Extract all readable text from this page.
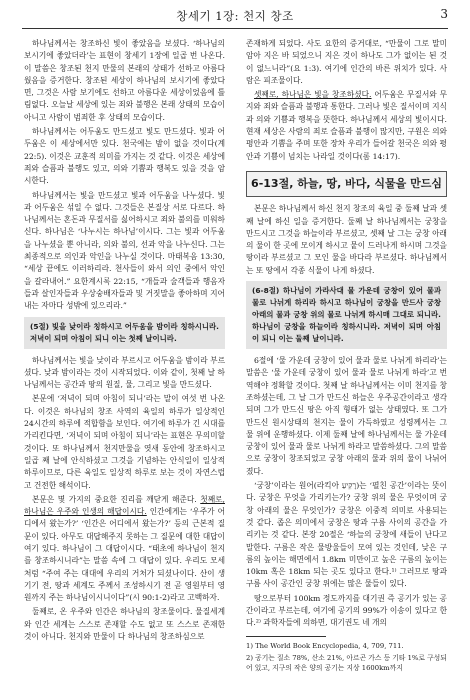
창세기 1장: 천지 창조	3

하나님께서는 창조하신 빛이 좋았음을 보셨다. ‘하나님의 보시기에 좋았더라’는 표현이 창세기 1장에 일곱 번 나온다. 이 말씀은 창조된 천지 만물의 본래의 상태가 선하고 아름다웠음을 증거한다. 창조된 세상이 하나님의 보시기에 좋았다면, 그것은 사람 보기에도 선하고 아름다운 세상이었음에 틀림없다. 오늘날 세상에 있는 죄와 불행은 본래 상태의 모습이 아니고 사람이 범죄한 후 상태의 모습이다.

하나님께서는 어두움도 만드셨고 빛도 만드셨다. 빛과 어두움은 이 세상에서만 있다. 천국에는 밤이 없을 것이다(계 22:5). 이것은 교훈적 의미를 가지는 것 같다. 이것은 세상에 죄와 슬픔과 불행도 있고, 의와 기쁨과 행복도 있을 것을 암시한다.

하나님께서는 빛을 만드셨고 빛과 어두움을 나누셨다. 빛과 어두움은 섞일 수 없다. 그것들은 본질상 서로 다르다. 하나님께서는 혼돈과 무질서를 싫어하시고 죄와 불의를 미워하신다. 하나님은 ‘나누시는 하나님’이시다. 그는 빛과 어두움을 나누셨을 뿐 아니라, 의와 불의, 선과 악을 나누신다. 그는 최종적으로 의인과 악인을 나누실 것이다. 마태복음 13:30, “세상 끝에도 이러하리라. 천사들이 와서 의인 중에서 악인을 갈라내어.” 요한계시록 22:15, “개들과 술객들과 행음자들과 살인자들과 우상숭배자들과 및 거짓말을 좋아하며 지어내는 자마다 성밖에 있으리라.”

(5절) 빛을 낮이라 칭하시고 어두움을 밤이라 칭하시니라. 저녁이 되며 아침이 되니 이는 첫째 날이니라.

하나님께서는 빛을 낮이라 부르시고 어두움을 밤이라 부르셨다. 낮과 밤이라는 것이 시작되었다. 이와 같이, 첫째 날 하나님께서는 공간과 땅의 원질, 물, 그리고 빛을 만드셨다.

본문에 ‘저녁이 되며 아침이 되니’라는 말이 여섯 번 나온다. 이것은 하나님의 창조 사역의 육일의 하루가 일상적인 24시간의 하루에 적합함을 보인다. 여기에 하루가 긴 시대를 가리킨다면, ‘저녁이 되며 아침이 되니’라는 표현은 무의미할 것이다. 또 하나님께서 천지만물을 엿새 동안에 창조하시고 일곱 째 날에 안식하셨고 그것을 기념하는 안식일이 일상적 하루이므로, 다른 육일도 일상적 하루로 보는 것이 자연스럽고 건전한 해석이다.

본문은 몇 가지의 중요한 진리를 깨닫게 해준다. 첫째로, 하나님은 우주와 인생의 해답이시다. 인간에게는 ‘우주가 어디에서 왔는가?’ ‘인간은 어디에서 왔는가?’ 등의 근본적 질문이 있다. 아무도 대답해주지 못하는 그 질문에 대한 대답이 여기 있다. 하나님이 그 대답이시다. “태초에 하나님이 천지를 창조하시니라”는 말씀 속에 그 대답이 있다. 우리도 모세처럼 “주여 주는 대대에 우리의 거처가 되셨나이다. 산이 생기기 전, 땅과 세계도 주께서 조성하시기 전 곧 영원부터 영원까지 주는 하나님이시니이다”(시 90:1-2)라고 고백하자.

둘째로, 온 우주와 인간은 하나님의 창조물이다. 물질세계와 인간 세계는 스스로 존재할 수도 없고 또 스스로 존재한 것이 아니다. 천지와 만물이 다 하나님의 창조하심으로

존재하게 되었다. 사도 요한의 증거대로, “만물이 그로 말미암아 지은 바 되었으니 지은 것이 하나도 그가 없이는 된 것이 없느니라”(요 1:3). 여기에 인간의 바른 위치가 있다. 사람은 피조물이다.

셋째로, 하나님은 빛을 창조하셨다. 어두움은 무질서와 무지와 죄와 슬픔과 불행과 통한다. 그러나 빛은 질서이며 지식과 의와 기쁨과 행복을 뜻한다. 하나님께서 세상의 빛이시다. 현재 세상은 사람의 죄로 슬픔과 불행이 많지만, 구원은 의와 평안과 기쁨을 주며 또한 장차 우리가 들어갈 천국은 의와 평안과 기쁨이 넘치는 나라일 것이다(롬 14:17).

6-13절, 하늘, 땅, 바다, 식물을 만드심

본문은 하나님께서 하신 천지 창조의 육일 중 둘째 날과 셋째 날에 하신 일을 증거한다. 둘째 날 하나님께서는 궁창을 만드시고 그것을 하늘이라 부르셨고, 셋째 날 그는 궁창 아래의 물이 한 곳에 모이게 하시고 뭍이 드러나게 하시며 그것을 땅이라 부르셨고 그 모인 물을 바다라 부르셨다. 하나님께서는 또 땅에서 각종 식물이 나게 하셨다.

(6-8절) 하나님이 가라사대 물 가운데 궁창이 있어 물과 물로 나뉘게 하리라 하시고 하나님이 궁창을 만드사 궁창 아래의 물과 궁창 위의 물로 나뉘게 하시매 그대로 되니라. 하나님이 궁창을 하늘이라 칭하시니라. 저녁이 되며 아침이 되니 이는 둘째 날이니라.

6절에 ‘물 가운데 궁창이 있어 물과 물로 나뉘게 하리라’는 말씀은 ‘물 가운데 궁창이 있어 물과 물로 나뉘게 하라’고 번역해야 정확할 것이다. 첫째 날 하나님께서는 이미 천지를 창조하셨는데, 그 날 그가 만드신 하늘은 우주공간이라고 생각되며 그가 만드신 땅은 아직 형태가 없는 상태였다. 또 그가 만드신 원시상태의 천지는 물이 가득하였고 성령께서는 그 물 위에 운행하셨다. 이제 둘째 날에 하나님께서는 물 가운데 궁창이 있어 물과 물로 나뉘게 하라고 말씀하셨다. 그의 말씀으로 궁창이 창조되었고 궁창 아래의 물과 위의 물이 나뉘어졌다.

‘궁창’이라는 원어(라킥아 רָקִיעַ)는 ‘펼친 공간’이라는 뜻이다. 궁창은 무엇을 가리키는가? 궁창 위의 물은 무엇이며 궁창 아래의 물은 무엇인가? 궁창은 이중적 의미로 사용되는 것 같다. 좁은 의미에서 궁창은 땅과 구름 사이의 공간을 가리키는 것 같다. 본장 20절은 ‘하늘의 궁창에 새들이 난다고 말한다. 구름은 작은 물방울들이 모여 있는 것인데, 낮은 구름의 높이는 해면에서 1.8km 미만이고 높은 구름의 높이는 10km 혹은 18km 되는 곳도 있다고 한다.¹⁾ 그러므로 땅과 구름 사이 공간인 궁창 위에는 많은 물들이 있다.

땅으로부터 100km 정도까지를 대기권 즉 공기가 있는 공간이라고 부르는데, 여기에 공기의 99%가 이송이 있다고 한다.²⁾ 과학자들에 의하면, 대기권도 네 개의

1) The World Book Encyclopedia, 4, 709, 711.

2) 공기는 질소 78%, 산소 21%, 아르곤 가스 등 기타 1%로 구성되어 있고, 지구의 작은 양의 공기는 지상 1600km까지
